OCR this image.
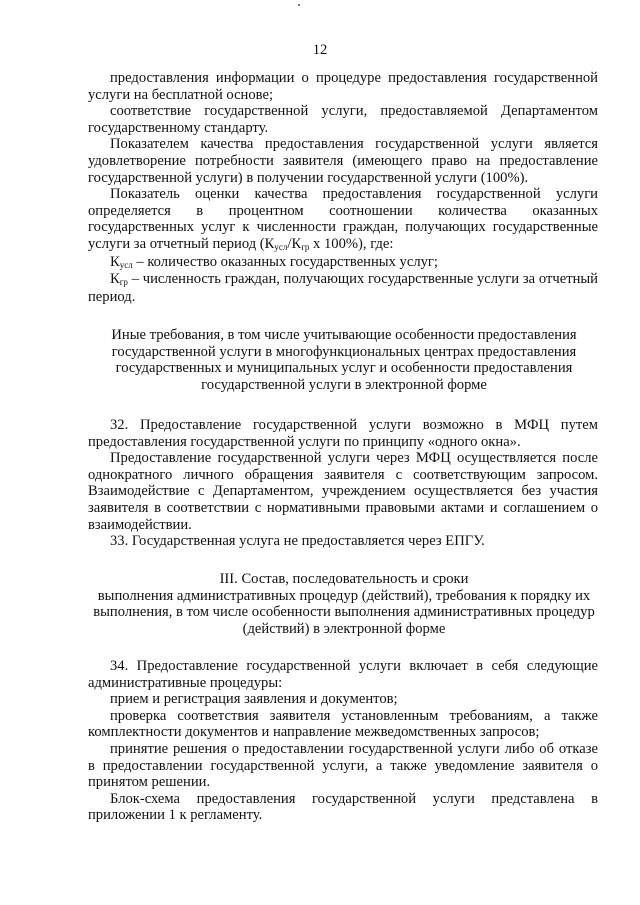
12

предоставления информации о процедуре предоставления государственной услуги на бесплатной основе;

соответствие государственной услуги, предоставляемой Департаментом государственному стандарту.

Показателем качества предоставления государственной услуги является удовлетворение потребности заявителя (имеющего право на предоставление государственной услуги) в получении государственной услуги (100%).

Показатель оценки качества предоставления государственной услуги определяется в процентном соотношении количества оказанных государственных услуг к численности граждан, получающих государственные услуги за отчетный период ($К_{усл}/К_{гр}$ x 100%), где:

$К_{усл}$ – количество оказанных государственных услуг;

$К_{гр}$ – численность граждан, получающих государственные услуги за отчетный период.

Иные требования, в том числе учитывающие особенности предоставления государственной услуги в многофункциональных центрах предоставления государственных и муниципальных услуг и особенности предоставления государственной услуги в электронной форме

32. Предоставление государственной услуги возможно в МФЦ путем предоставления государственной услуги по принципу «одного окна».

Предоставление государственной услуги через МФЦ осуществляется после однократного личного обращения заявителя с соответствующим запросом. Взаимодействие с Департаментом, учреждением осуществляется без участия заявителя в соответствии с нормативными правовыми актами и соглашением о взаимодействии.

33. Государственная услуга не предоставляется через ЕПГУ.

III. Состав, последовательность и сроки

выполнения административных процедур (действий), требования к порядку их выполнения, в том числе особенности выполнения административных процедур (действий) в электронной форме

34. Предоставление государственной услуги включает в себя следующие административные процедуры:

прием и регистрация заявления и документов;

проверка соответствия заявителя установленным требованиям, а также комплектности документов и направление межведомственных запросов;

принятие решения о предоставлении государственной услуги либо об отказе в предоставлении государственной услуги, а также уведомление заявителя о принятом решении.

Блок-схема предоставления государственной услуги представлена в приложении 1 к регламенту.
